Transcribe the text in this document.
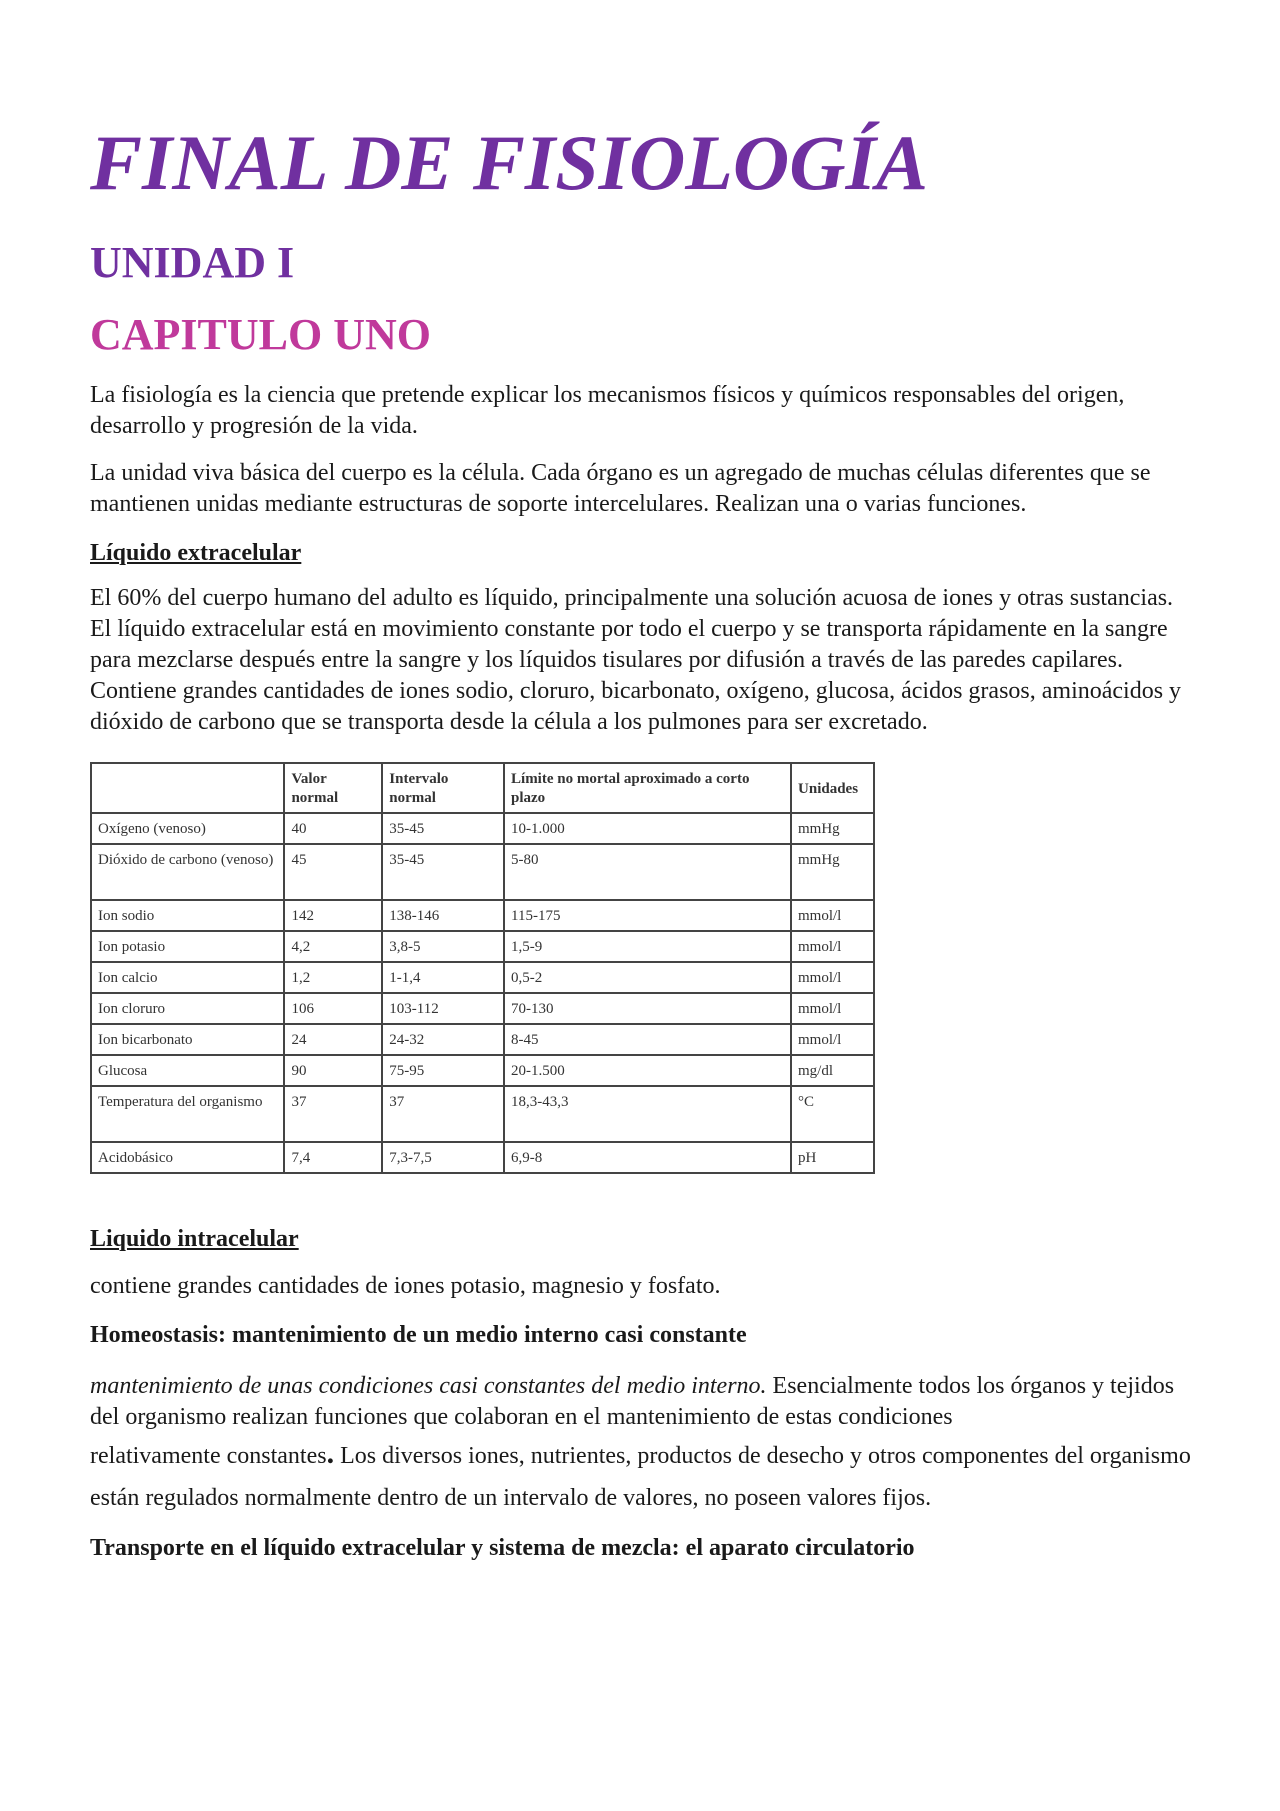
FINAL DE FISIOLOGÍA
UNIDAD I
CAPITULO UNO

La fisiología es la ciencia que pretende explicar los mecanismos físicos y químicos responsables del origen, desarrollo y progresión de la vida.

La unidad viva básica del cuerpo es la célula. Cada órgano es un agregado de muchas células diferentes que se mantienen unidas mediante estructuras de soporte intercelulares. Realizan una o varias funciones.

Líquido extracelular

El 60% del cuerpo humano del adulto es líquido, principalmente una solución acuosa de iones y otras sustancias. El líquido extracelular está en movimiento constante por todo el cuerpo y se transporta rápidamente en la sangre para mezclarse después entre la sangre y los líquidos tisulares por difusión a través de las paredes capilares. Contiene grandes cantidades de iones sodio, cloruro, bicarbonato, oxígeno, glucosa, ácidos grasos, aminoácidos y dióxido de carbono que se transporta desde la célula a los pulmones para ser excretado.

	Valor normal	Intervalo normal	Límite no mortal aproximado a corto plazo	Unidades
Oxígeno (venoso)	40	35-45	10-1.000	mmHg
Dióxido de carbono (venoso)	45	35-45	5-80	mmHg
Ion sodio	142	138-146	115-175	mmol/l
Ion potasio	4,2	3,8-5	1,5-9	mmol/l
Ion calcio	1,2	1-1,4	0,5-2	mmol/l
Ion cloruro	106	103-112	70-130	mmol/l
Ion bicarbonato	24	24-32	8-45	mmol/l
Glucosa	90	75-95	20-1.500	mg/dl
Temperatura del organismo	37	37	18,3-43,3	°C
Acidobásico	7,4	7,3-7,5	6,9-8	pH
Liquido intracelular

contiene grandes cantidades de iones potasio, magnesio y fosfato.

Homeostasis: mantenimiento de un medio interno casi constante

mantenimiento de unas condiciones casi constantes del medio interno. Esencialmente todos los órganos y tejidos del organismo realizan funciones que colaboran en el mantenimiento de estas condiciones

relativamente constantes. Los diversos iones, nutrientes, productos de desecho y otros componentes del organismo están regulados normalmente dentro de un intervalo de valores, no poseen valores fijos.

Transporte en el líquido extracelular y sistema de mezcla: el aparato circulatorio
